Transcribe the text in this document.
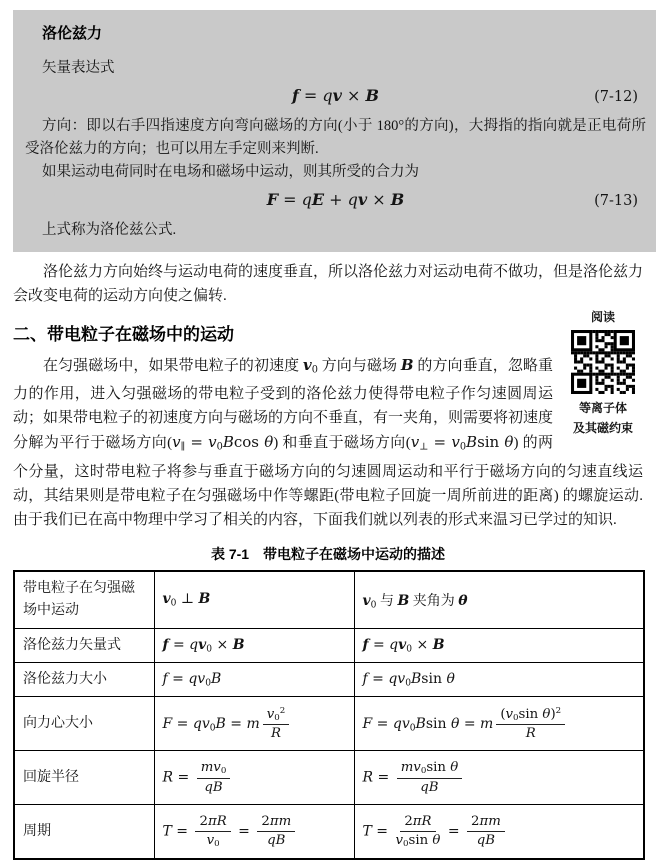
洛伦兹力

矢量表达式

f = qv × B	(7-12)

方向：即以右手四指速度方向弯向磁场的方向(小于 180°的方向)，大拇指的指向就是正电荷所受洛伦兹力的方向；也可以用左手定则来判断.

如果运动电荷同时在电场和磁场中运动，则其所受的合力为

F = qE + qv × B	(7-13)

上式称为洛伦兹公式.

洛伦兹力方向始终与运动电荷的速度垂直，所以洛伦兹力对运动电荷不做功，但是洛伦兹力会改变电荷的运动方向使之偏转.

阅读
等离子体
及其磁约束
二、带电粒子在磁场中的运动

在匀强磁场中，如果带电粒子的初速度 v0 方向与磁场 B 的方向垂直，忽略重力的作用，进入匀强磁场的带电粒子受到的洛伦兹力使得带电粒子作匀速圆周运动；如果带电粒子的初速度方向与磁场的方向不垂直，有一夹角，则需要将初速度分解为平行于磁场方向(v∥ = v0Bcos θ) 和垂直于磁场方向(v⊥ = v0Bsin θ) 的两个分量，这时带电粒子将参与垂直于磁场方向的匀速圆周运动和平行于磁场方向的匀速直线运动，其结果则是带电粒子在匀强磁场中作等螺距(带电粒子回旋一周所前进的距离) 的螺旋运动.由于我们已在高中物理中学习了相关的内容，下面我们就以列表的形式来温习已学过的知识.

表 7-1　带电粒子在磁场中运动的描述
带电粒子在匀强磁场中运动	v0 ⊥ B	v0 与 B 夹角为 θ
洛伦兹力矢量式	f = qv0 × B	f = qv0 × B
洛伦兹力大小	f = qv0B	f = qv0Bsin θ
向力心大小	F = qv0B = m $\frac{v0^2}{R}$	F = qv0Bsin θ = m $\frac{(v0\sin \theta)^2}{R}$

回旋半径	$R = \frac{mv0}{qB}$	$R = \frac{\text{mv0sin θ}}{qB}$

周期	$T = \frac{2\pi R}{v0} = \frac{2\pi m}{qB}$	$T = \frac{2\pi R}{\text{v0sin θ}} = \frac{2\pi m}{qB}$
